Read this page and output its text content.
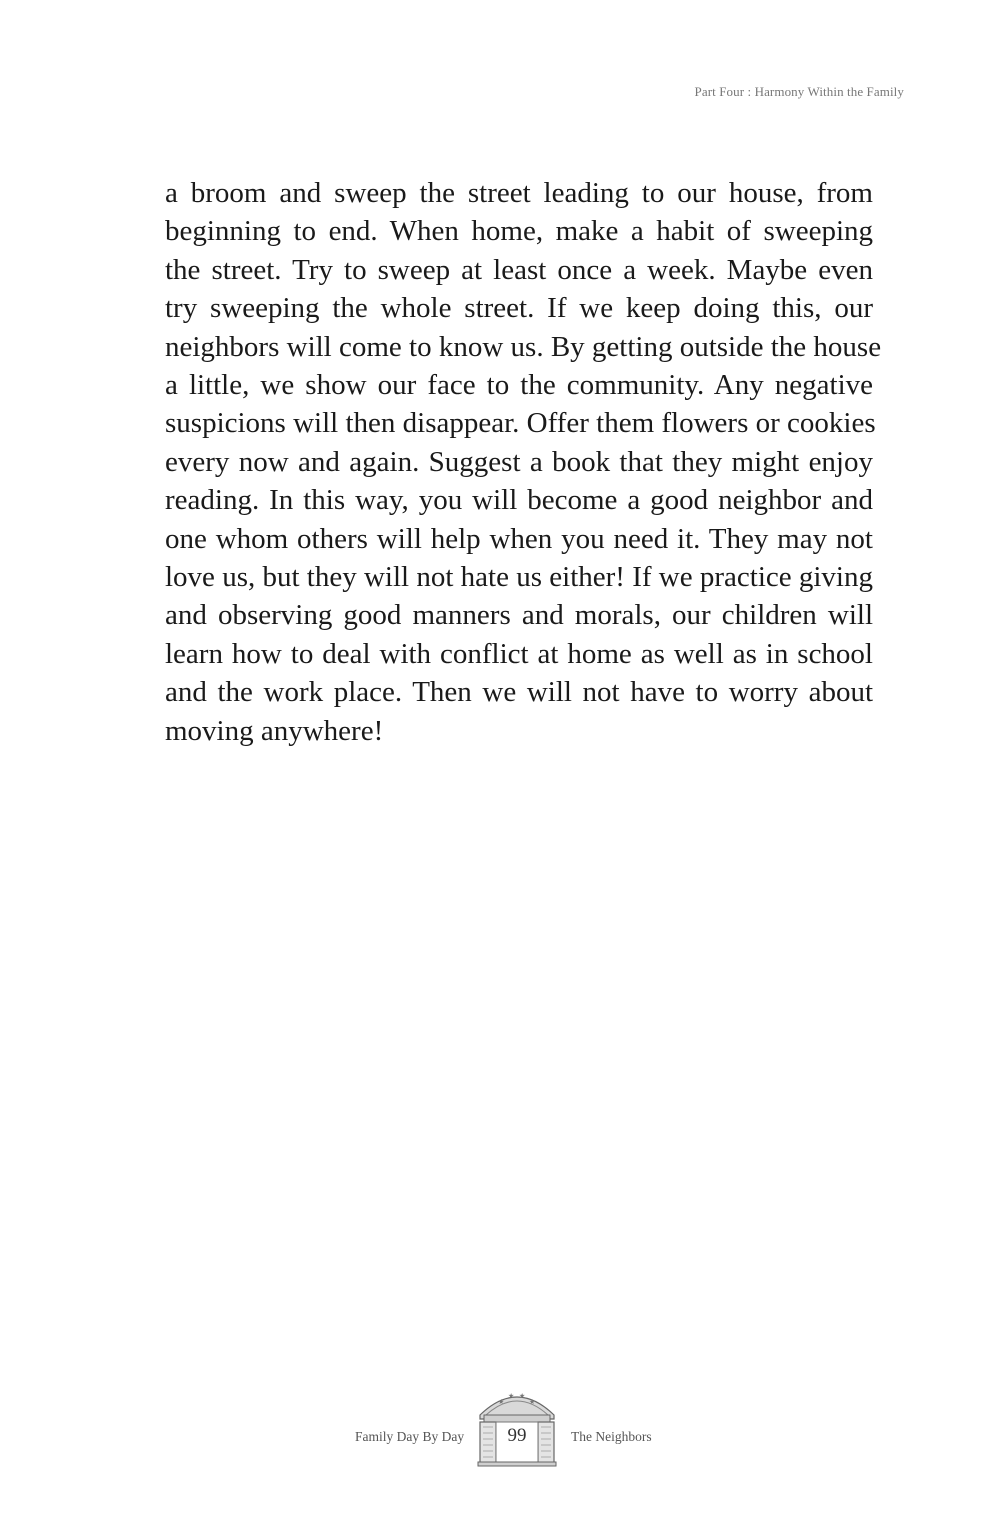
Part Four : Harmony Within the Family

a broom and sweep the street leading to our house, from
beginning to end. When home, make a habit of sweeping
the street. Try to sweep at least once a week. Maybe even
try sweeping the whole street. If we keep doing this, our
neighbors will come to know us. By getting outside the house
a little, we show our face to the community. Any negative
suspicions will then disappear. Offer them flowers or cookies
every now and again. Suggest a book that they might enjoy
reading. In this way, you will become a good neighbor and
one whom others will help when you need it. They may not
love us, but they will not hate us either! If we practice giving
and observing good manners and morals, our children will
learn how to deal with conflict at home as well as in school
and the work place. Then we will not have to worry about
moving anywhere!

Family Day By Day
★
★ ★
★
99	The Neighbors
